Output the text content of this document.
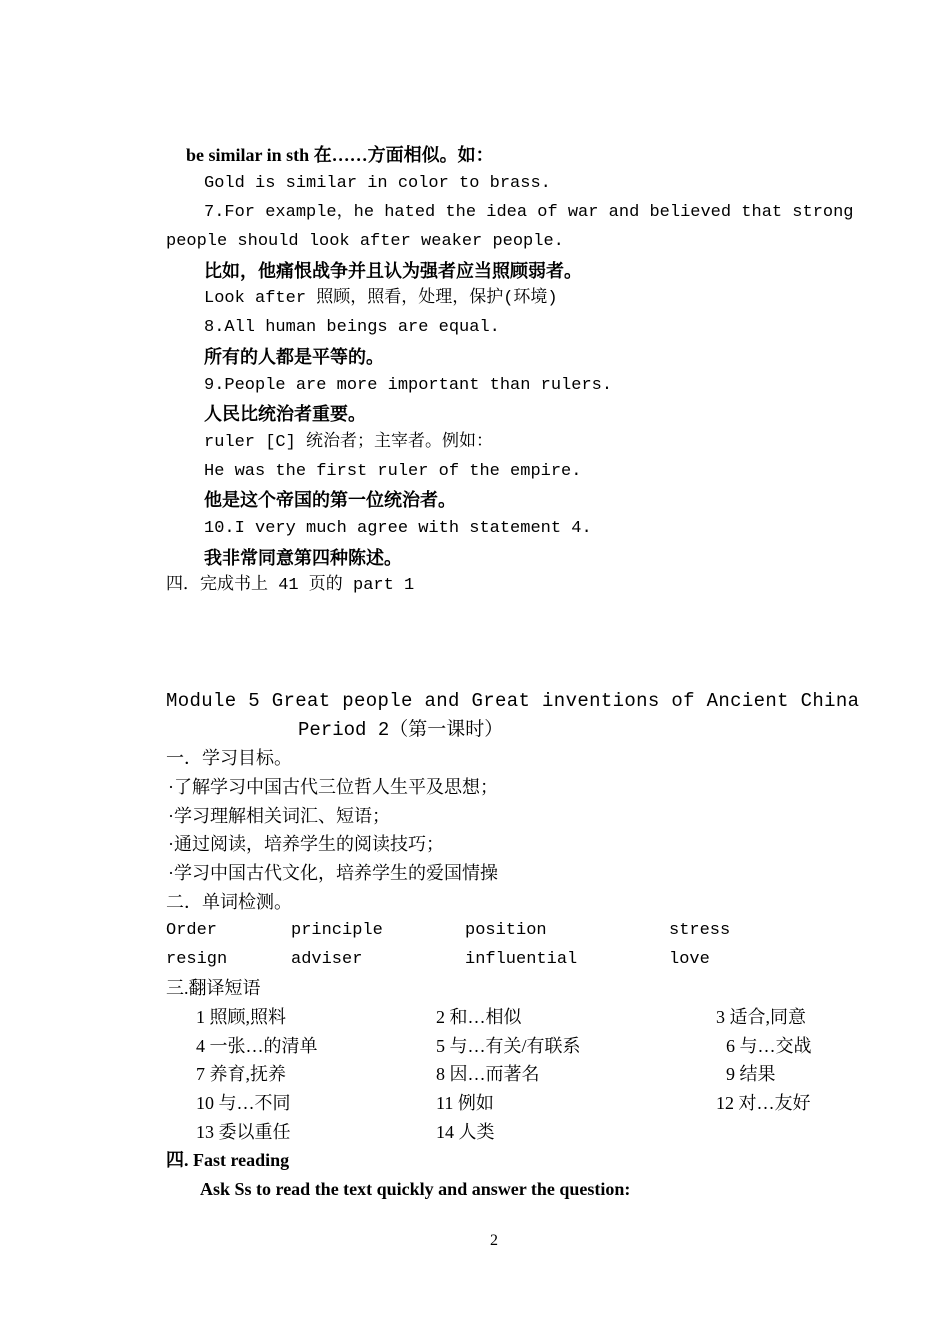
be similar in sth 在……方面相似。如：
Gold is similar in color to brass.
7.For example，he hated the idea of war and believed that strong
people should look after weaker people.
比如，他痛恨战争并且认为强者应当照顾弱者。
Look after 照顾，照看，处理，保护(环境)
8.All human beings are equal.
所有的人都是平等的。
9.People are more important than rulers.
人民比统治者重要。
ruler [C] 统治者；主宰者。例如：
He was the first ruler of the empire.
他是这个帝国的第一位统治者。
10.I very much agree with statement 4.
我非常同意第四种陈述。
四．完成书上 41 页的 part 1
Module 5 Great people and Great inventions of Ancient China
Period 2（第一课时）
一．学习目标。
·了解学习中国古代三位哲人生平及思想；
·学习理解相关词汇、短语；
·通过阅读，培养学生的阅读技巧；
·学习中国古代文化，培养学生的爱国情操
二．单词检测。
Order	principle	position	stress
resign	adviser	influential	love
三.翻译短语
1 照顾,照料	2 和…相似	3 适合,同意
4 一张…的清单	5 与…有关/有联系	6 与…交战
7 养育,抚养	8 因…而著名	9 结果
10 与…不同	11 例如	12 对…友好
13 委以重任	14 人类
四. Fast reading
Ask Ss to read the text quickly and answer the question:
2
